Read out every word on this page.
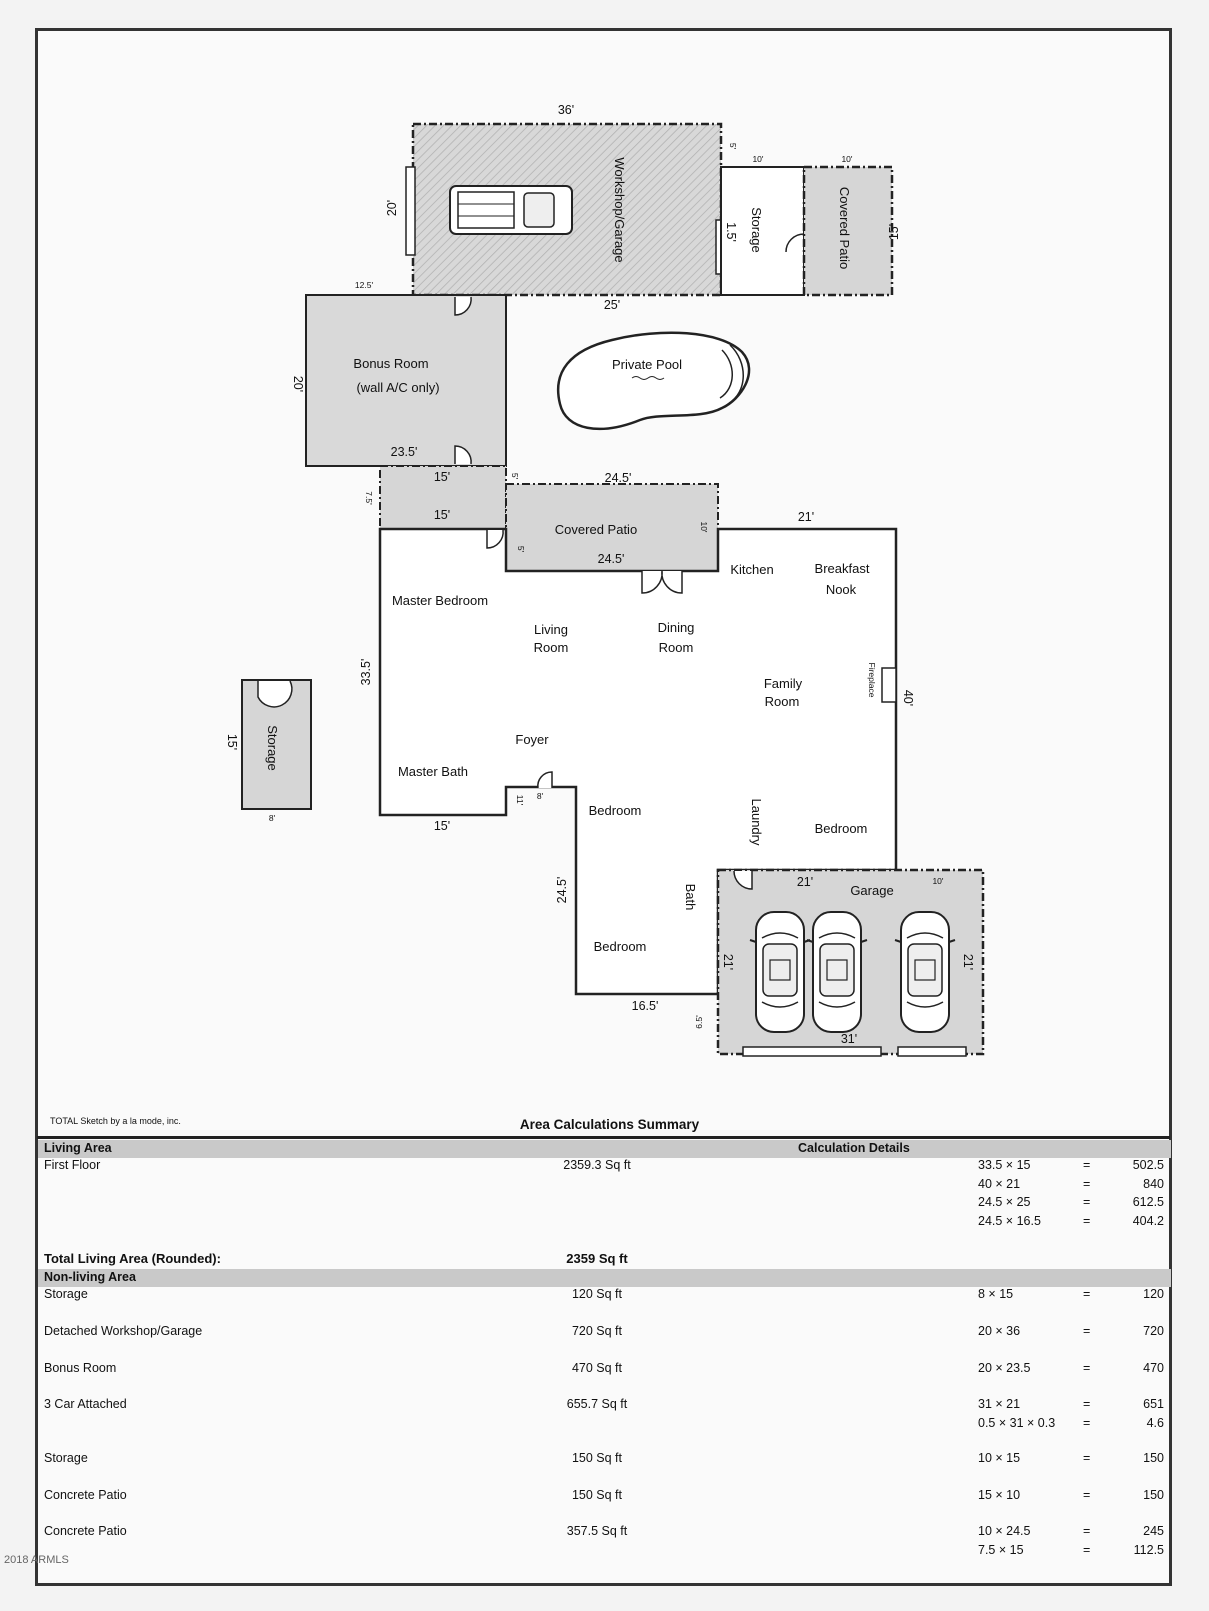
Workshop/Garage	Storage	Covered Patio
Bonus Room
(wall A/C only)
Private Pool
Covered Patio
Kitchen	Breakfast
Nook
Master Bedroom
Living
Room
Dining
Room
Family
Room
Fireplace
Foyer
Master Bath
Bedroom	Laundry	Bedroom
Bath
Bedroom
Garage
Storage
36'
5'
10'	10'
20'
1.5'	15'
12.5'
25'
20'
23.5'
15'	24.5'
5'
7.5'
15'	21'
10'
5'
24.5'
33.5'
40'
15'
8'
11'
15'
8'
24.5'	21'	10'
21'	21'
16.5'
6.5'
31'
TOTAL Sketch by a la mode, inc.	Area Calculations Summary
Living Area	Calculation Details
First Floor	2359.3 Sq ft	33.5 × 15	=	502.5
40 × 21	=	840
24.5 × 25	=	612.5
24.5 × 16.5	=	404.2
Total Living Area (Rounded):	2359 Sq ft
Non-living Area
Storage	120 Sq ft	8 × 15	=	120
Detached Workshop/Garage	720 Sq ft	20 × 36	=	720
Bonus Room	470 Sq ft	20 × 23.5	=	470
3 Car Attached	655.7 Sq ft	31 × 21	=	651
0.5 × 31 × 0.3 =	4.6
Storage	150 Sq ft	10 × 15	=	150
Concrete Patio	150 Sq ft	15 × 10	=	150
Concrete Patio	357.5 Sq ft	10 × 24.5	=	245
7.5 × 15	=	112.5
2018 ARMLS
